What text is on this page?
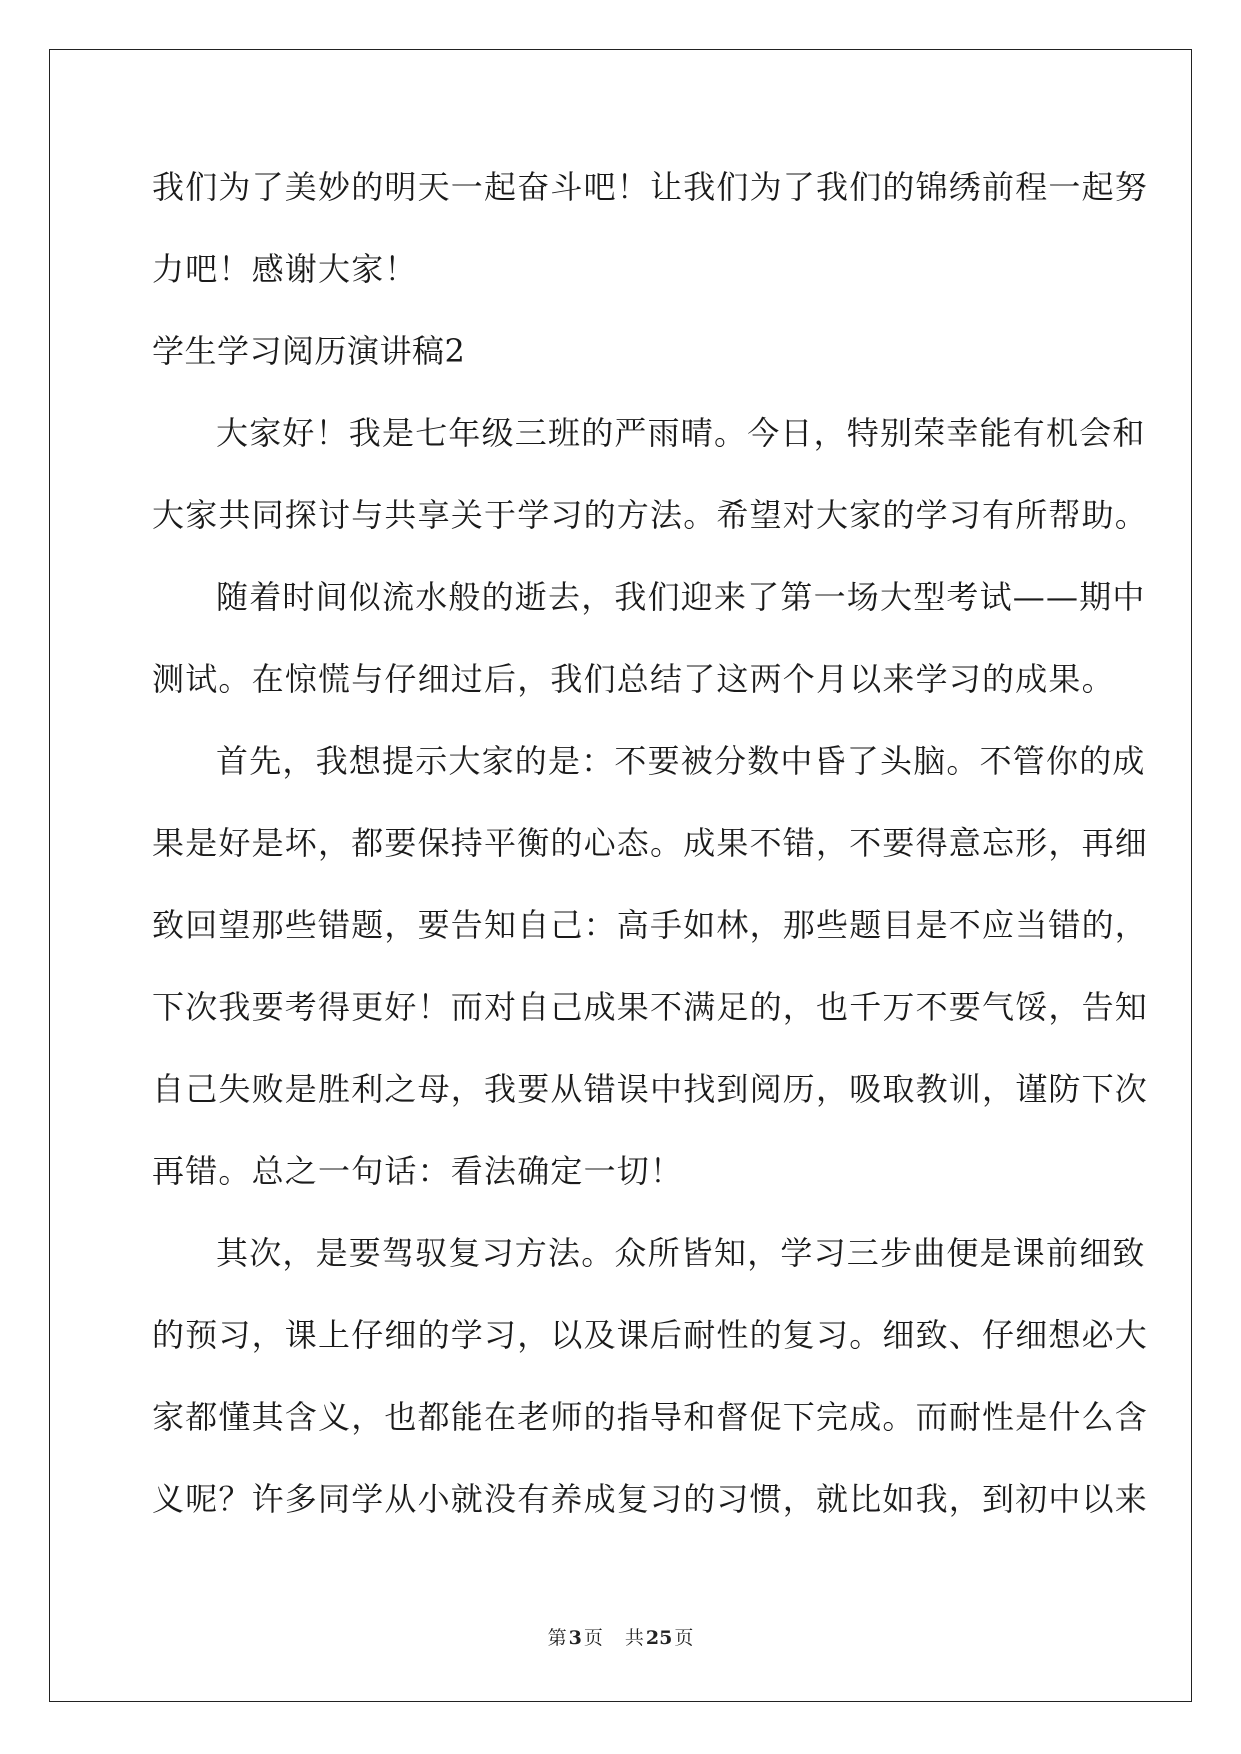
我们为了美妙的明天一起奋斗吧！让我们为了我们的锦绣前程一起努
力吧！感谢大家！
学生学习阅历演讲稿2
大家好！我是七年级三班的严雨晴。今日，特别荣幸能有机会和
大家共同探讨与共享关于学习的方法。希望对大家的学习有所帮助。
随着时间似流水般的逝去，我们迎来了第一场大型考试——期中
测试。在惊慌与仔细过后，我们总结了这两个月以来学习的成果。
首先，我想提示大家的是：不要被分数中昏了头脑。不管你的成
果是好是坏，都要保持平衡的心态。成果不错，不要得意忘形，再细
致回望那些错题，要告知自己：高手如林，那些题目是不应当错的，
下次我要考得更好！而对自己成果不满足的，也千万不要气馁，告知
自己失败是胜利之母，我要从错误中找到阅历，吸取教训，谨防下次
再错。总之一句话：看法确定一切！
其次，是要驾驭复习方法。众所皆知，学习三步曲便是课前细致
的预习，课上仔细的学习，以及课后耐性的复习。细致、仔细想必大
家都懂其含义，也都能在老师的指导和督促下完成。而耐性是什么含
义呢？许多同学从小就没有养成复习的习惯，就比如我，到初中以来
第 3 页 共 25 页
